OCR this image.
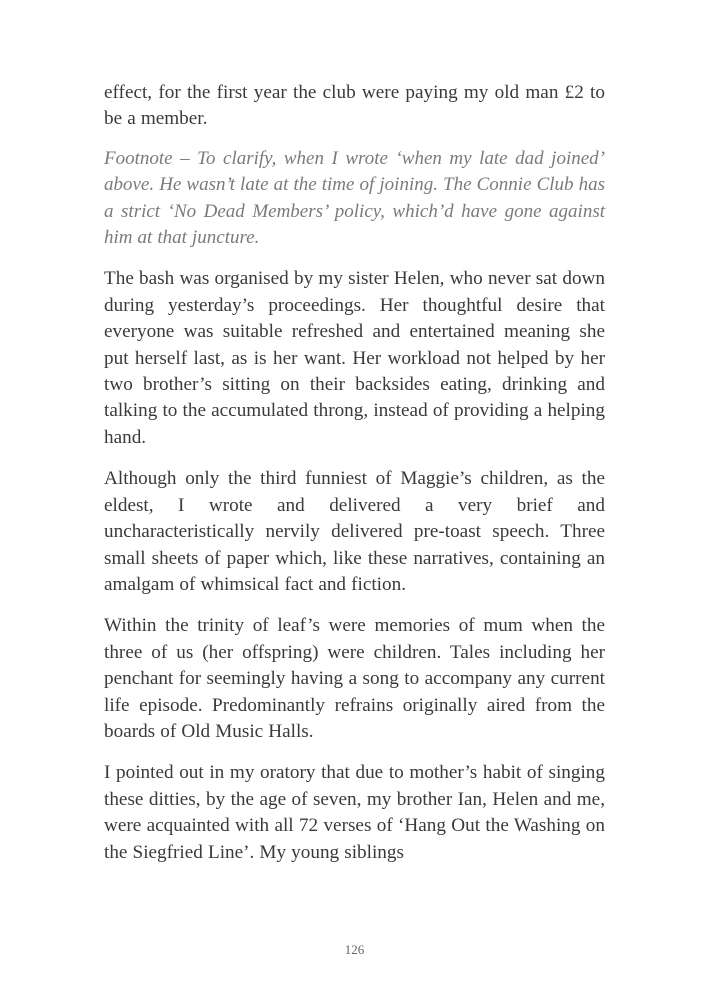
effect, for the first year the club were paying my old man £2 to be a member.

Footnote – To clarify, when I wrote ‘when my late dad joined’ above. He wasn’t late at the time of joining. The Connie Club has a strict ‘No Dead Members’ policy, which’d have gone against him at that juncture.

The bash was organised by my sister Helen, who never sat down during yesterday’s proceedings. Her thoughtful desire that everyone was suitable refreshed and entertained meaning she put herself last, as is her want. Her workload not helped by her two brother’s sitting on their backsides eating, drinking and talking to the accumulated throng, instead of providing a helping hand.

Although only the third funniest of Maggie’s children, as the eldest, I wrote and delivered a very brief and uncharacteristically nervily delivered pre-toast speech. Three small sheets of paper which, like these narratives, containing an amalgam of whimsical fact and fiction.

Within the trinity of leaf’s were memories of mum when the three of us (her offspring) were children. Tales including her penchant for seemingly having a song to accompany any current life episode. Predominantly refrains originally aired from the boards of Old Music Halls.

I pointed out in my oratory that due to mother’s habit of singing these ditties, by the age of seven, my brother Ian, Helen and me, were acquainted with all 72 verses of ‘Hang Out the Washing on the Siegfried Line’. My young siblings

126
